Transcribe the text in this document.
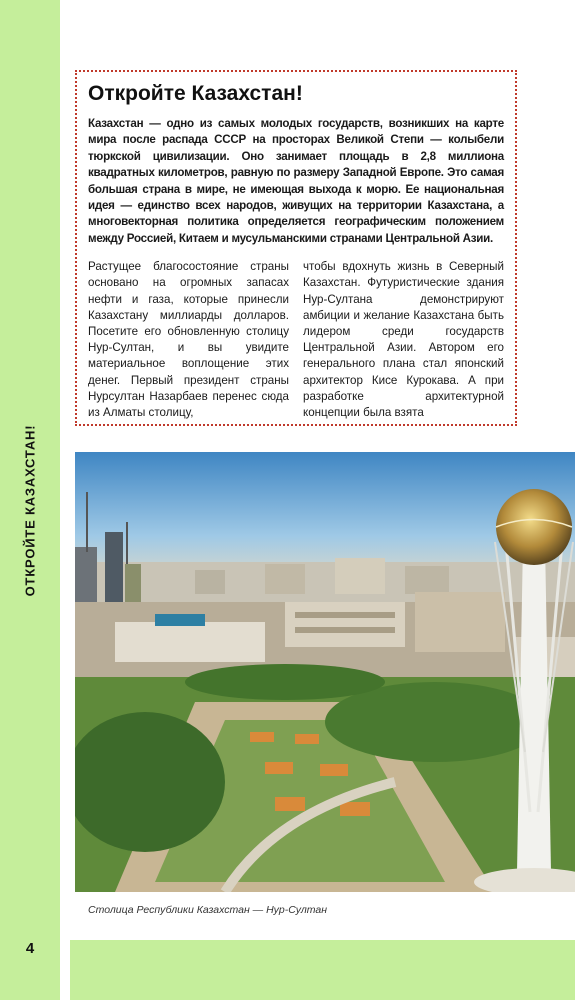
ОТКРОЙТЕ КАЗАХСТАН!
Откройте Казахстан!

Казахстан — одно из самых молодых государств, возникших на карте мира после распада СССР на просторах Великой Степи — колыбели тюркской цивилизации. Оно занимает площадь в 2,8 миллиона квадратных километров, равную по размеру Западной Европе. Это самая большая страна в мире, не имеющая выхода к морю. Ее национальная идея — единство всех народов, живущих на территории Казахстана, а многовекторная политика определяется географическим положением между Россией, Китаем и мусульманскими странами Центральной Азии.

Растущее благосостояние страны основано на огромных запасах нефти и газа, которые принесли Казахстану миллиарды долларов. Посетите его обновленную столицу Нур-Султан, и вы увидите материальное воплощение этих денег. Первый президент страны Нурсултан Назарбаев перенес сюда из Алматы столицу,

чтобы вдохнуть жизнь в Северный Казахстан. Футуристические здания Нур-Султана демонстрируют амбиции и желание Казахстана быть лидером среди государств Центральной Азии. Автором его генерального плана стал японский архитектор Кисе Курокава. А при разработке архитектурной концепции была взята

Столица Республики Казахстан — Нур-Султан
4
